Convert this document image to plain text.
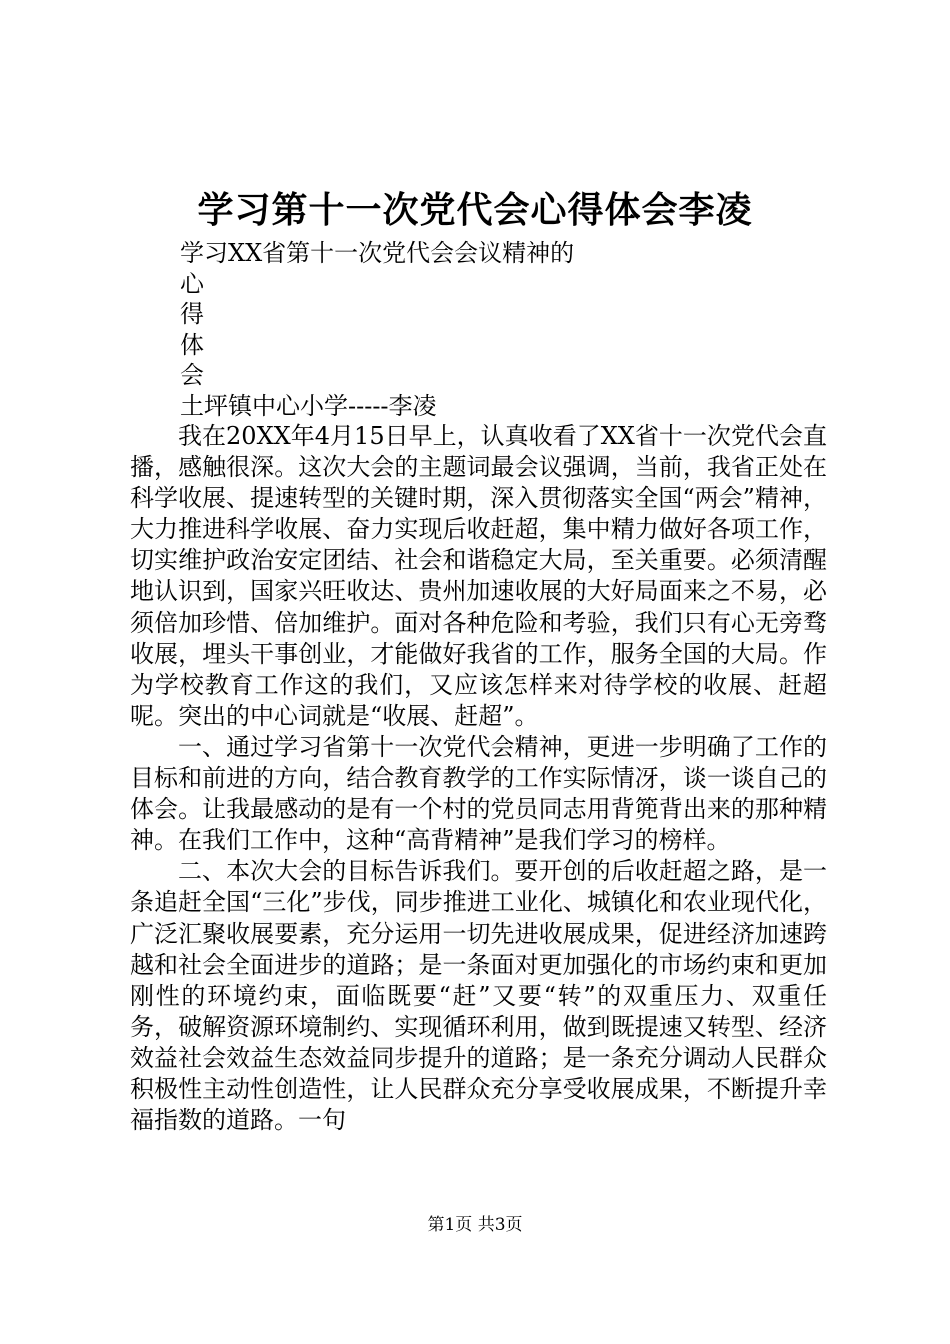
学习第十一次党代会心得体会李凌
学习XX省第十一次党代会会议精神的
心
得
体
会
土坪镇中心小学-----李凌

我在20XX年4月15日早上，认真收看了XX省十一次党代会直播，感触很深。这次大会的主题词最会议强调，当前，我省正处在科学收展、提速转型的关键时期，深入贯彻落实全国“两会”精神，大力推进科学收展、奋力实现后收赶超，集中精力做好各项工作，切实维护政治安定团结、社会和谐稳定大局，至关重要。必须清醒地认识到，国家兴旺收达、贵州加速收展的大好局面来之不易，必须倍加珍惜、倍加维护。面对各种危险和考验，我们只有心无旁骛收展，埋头干事创业，才能做好我省的工作，服务全国的大局。作为学校教育工作这的我们，又应该怎样来对待学校的收展、赶超呢。突出的中心词就是“收展、赶超”。

一、通过学习省第十一次党代会精神，更进一步明确了工作的目标和前进的方向，结合教育教学的工作实际情冴，谈一谈自己的体会。让我最感动的是有一个村的党员同志用背篼背出来的那种精神。在我们工作中，这种“高背精神”是我们学习的榜样。

二、本次大会的目标告诉我们。要开创的后收赶超之路，是一条追赶全国“三化”步伐，同步推进工业化、城镇化和农业现代化，广泛汇聚收展要素，充分运用一切先进收展成果，促进经济加速跨越和社会全面进步的道路；是一条面对更加强化的市场约束和更加刚性的环境约束，面临既要“赶”又要“转”的双重压力、双重任务，破解资源环境制约、实现循环利用，做到既提速又转型、经济效益社会效益生态效益同步提升的道路；是一条充分调动人民群众积极性主动性创造性，让人民群众充分享受收展成果，不断提升幸福指数的道路。一句

第1页 共3页
